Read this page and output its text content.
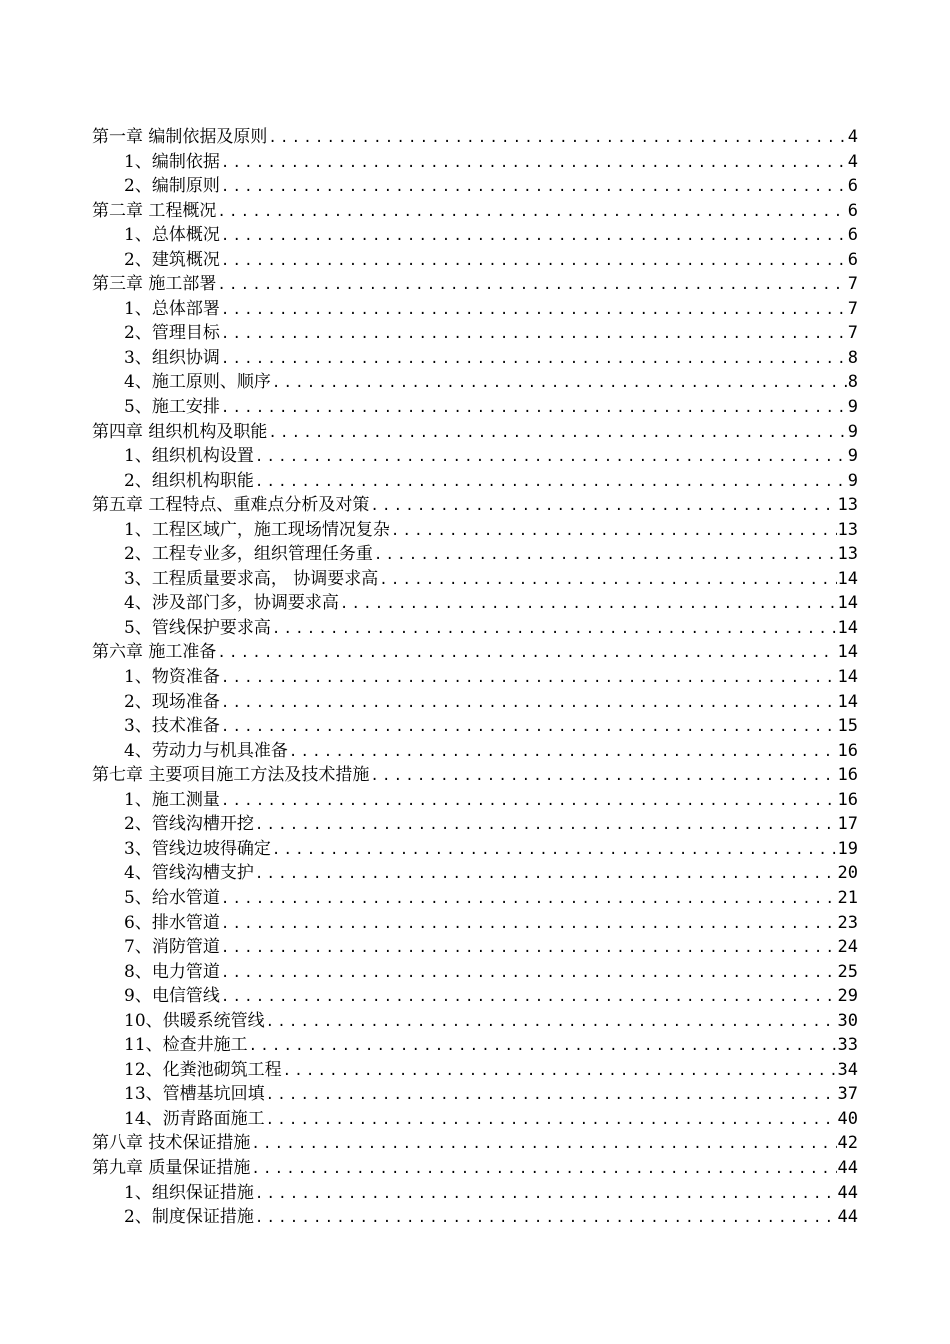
第一章 编制依据及原则 .....	4
1、编制依据 .....	4
2、编制原则 .....	6
第二章 工程概况 .....	6
1、总体概况 .....	6
2、建筑概况 .....	6
第三章 施工部署 .....	7
1、总体部署 .....	7
2、管理目标 .....	7
3、组织协调 .....	8
4、施工原则、顺序 .....	8
5、施工安排 .....	9
第四章 组织机构及职能 .....	9
1、组织机构设置 .....	9
2、组织机构职能 .....	9
第五章 工程特点、重难点分析及对策 .....	13
1、工程区域广，施工现场情况复杂 .....	13
2、工程专业多，组织管理任务重 .....	13
3、工程质量要求高， 协调要求高 .....	14
4、涉及部门多，协调要求高 .....	14
5、管线保护要求高 .....	14
第六章 施工准备 .....	14
1、物资准备 .....	14
2、现场准备 .....	14
3、技术准备 .....	15
4、劳动力与机具准备 .....	16
第七章 主要项目施工方法及技术措施 .....	16
1、施工测量 .....	16
2、管线沟槽开挖 .....	17
3、管线边坡得确定 .....	19
4、管线沟槽支护 .....	20
5、给水管道 .....	21
6、排水管道 .....	23
7、消防管道 .....	24
8、电力管道 .....	25
9、电信管线 .....	29
10、供暖系统管线 .....	30
11、检查井施工 .....	33
12、化粪池砌筑工程 .....	34
13、管槽基坑回填 .....	37
14、沥青路面施工 .....	40
第八章 技术保证措施 .....	42
第九章 质量保证措施 .....	44
1、组织保证措施 .....	44
2、制度保证措施 .....	44
